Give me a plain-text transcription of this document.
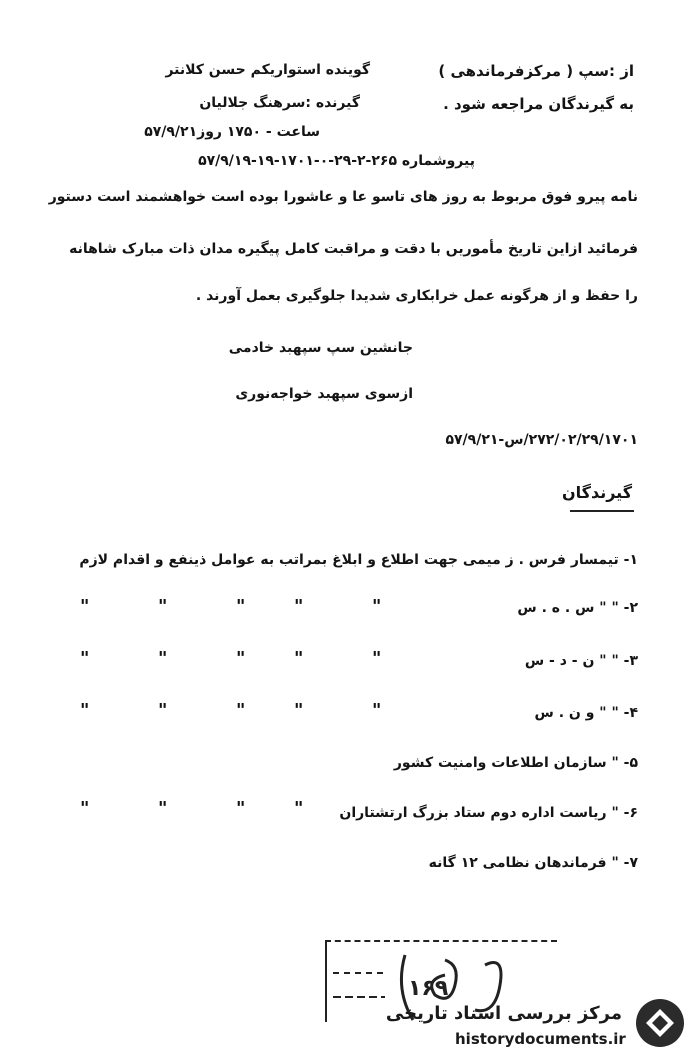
از :سپ ( مرکزفرماندهی )
به گیرندگان مراجعه شود .
گوینده استواریکم حسن کلانتر
گیرنده :سرهنگ جلالیان
ساعت - ۱۷۵۰ روز۵۷/۹/۲۱
پیروشماره ۲۶۵-۲-۲۹-۰-۱۷۰۱-۱۹-۵۷/۹/۱۹
نامه پیرو فوق مربوط به روز های تاسو عا و عاشورا بوده است خواهشمند است دستور
فرمائید ازاین تاریخ مأموریں با دقت و مراقبت کامل پیگیره مدان ذات مبارک شاهانه
را حفظ و از هرگونه عمل خرابکاری شدیدا جلوگیری بعمل آورند .
جانشین سپ سپهبد خادمی
ازسوی سپهبد خواجه‌نوری
۲۷۲/۰۲/۲۹/۱۷۰۱/س-۵۷/۹/۲۱
گیرندگان
۱- تیمسار فرس . ز میمی جهت اطلاع و ابلاغ بمراتب به عوامل ذینفع و اقدام لازم
۲- " " س . ه . س
"	"	"	"	"
۳- " " ن - د - س
"	"	"	"	"
۴- " " و ن . س
"	"	"	"	"
۵- " سازمان اطلاعات وامنیت کشور
۶- " ریاست اداره دوم ستاد بزرگ ارتشتاران
"	"	"	"
۷- " فرماندهان نظامی ۱۲ گانه
۱۶۹
مرکز بررسی اسناد تاریخی
historydocuments.ir
